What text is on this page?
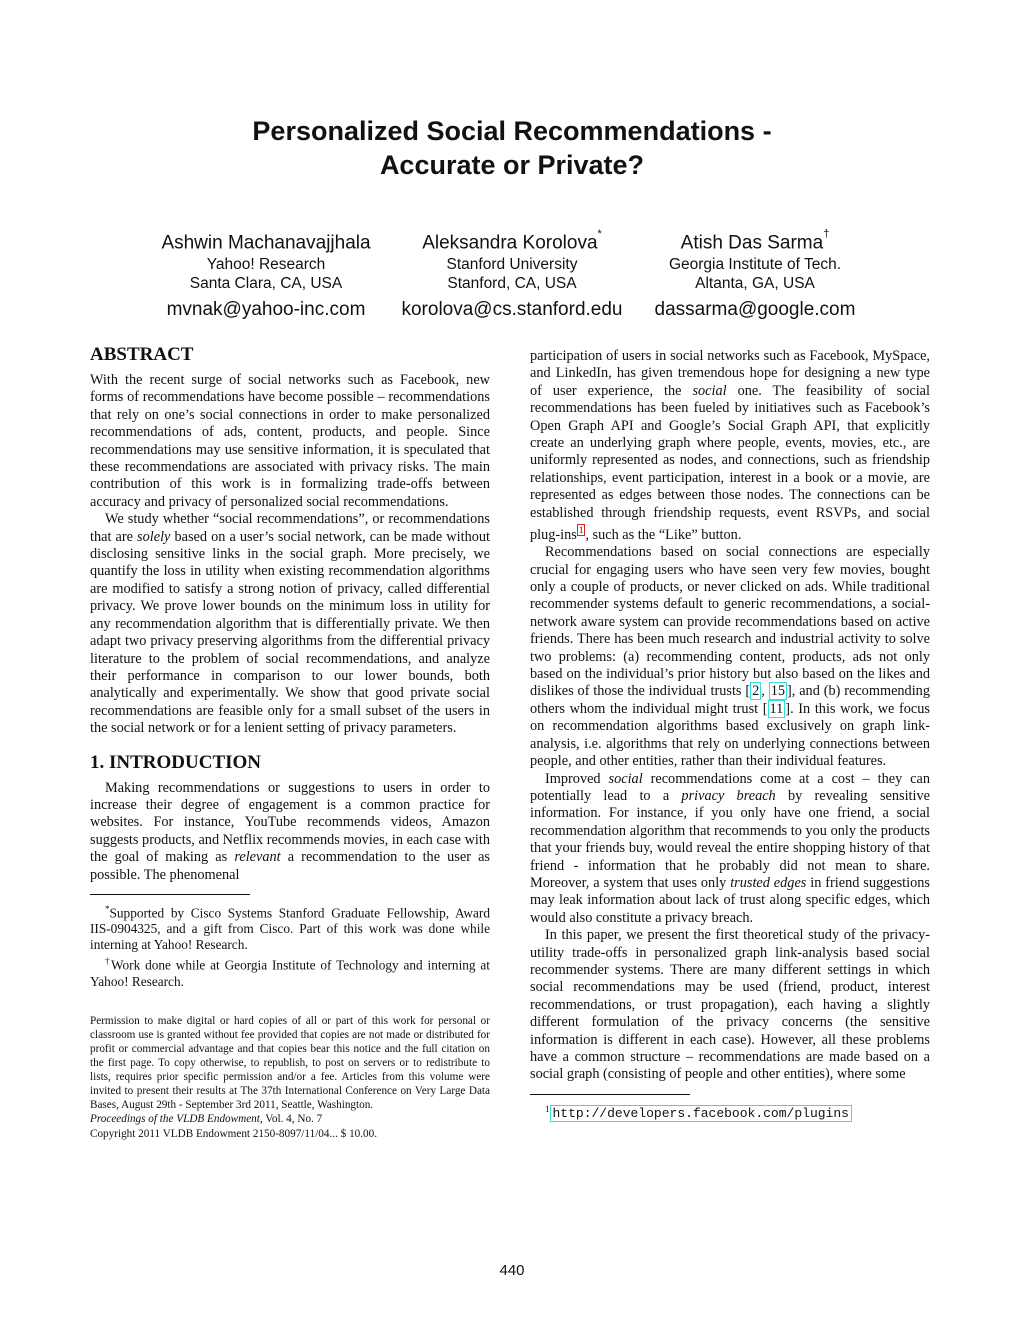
Personalized Social Recommendations -
Accurate or Private?
Ashwin Machanavajjhala
Yahoo! Research
Santa Clara, CA, USA
mvnak@yahoo-inc.com
Aleksandra Korolova*
Stanford University
Stanford, CA, USA
korolova@cs.stanford.edu
Atish Das Sarma†
Georgia Institute of Tech.
Altanta, GA, USA
dassarma@google.com
ABSTRACT

With the recent surge of social networks such as Facebook, new forms of recommendations have become possible – recommendations that rely on one’s social connections in order to make personalized recommendations of ads, content, products, and people. Since recommendations may use sensitive information, it is speculated that these recommendations are associated with privacy risks. The main contribution of this work is in formalizing trade-offs between accuracy and privacy of personalized social recommendations.

We study whether “social recommendations”, or recommendations that are solely based on a user’s social network, can be made without disclosing sensitive links in the social graph. More precisely, we quantify the loss in utility when existing recommendation algorithms are modified to satisfy a strong notion of privacy, called differential privacy. We prove lower bounds on the minimum loss in utility for any recommendation algorithm that is differentially private. We then adapt two privacy preserving algorithms from the differential privacy literature to the problem of social recommendations, and analyze their performance in comparison to our lower bounds, both analytically and experimentally. We show that good private social recommendations are feasible only for a small subset of the users in the social network or for a lenient setting of privacy parameters.

1. INTRODUCTION

Making recommendations or suggestions to users in order to increase their degree of engagement is a common practice for websites. For instance, YouTube recommends videos, Amazon suggests products, and Netflix recommends movies, in each case with the goal of making as relevant a recommendation to the user as possible. The phenomenal

*Supported by Cisco Systems Stanford Graduate Fellowship, Award IIS-0904325, and a gift from Cisco. Part of this work was done while interning at Yahoo! Research.

†Work done while at Georgia Institute of Technology and interning at Yahoo! Research.

Permission to make digital or hard copies of all or part of this work for personal or classroom use is granted without fee provided that copies are not made or distributed for profit or commercial advantage and that copies bear this notice and the full citation on the first page. To copy otherwise, to republish, to post on servers or to redistribute to lists, requires prior specific permission and/or a fee. Articles from this volume were invited to present their results at The 37th International Conference on Very Large Data Bases, August 29th - September 3rd 2011, Seattle, Washington.
Proceedings of the VLDB Endowment, Vol. 4, No. 7
Copyright 2011 VLDB Endowment 2150-8097/11/04... $ 10.00.

participation of users in social networks such as Facebook, MySpace, and LinkedIn, has given tremendous hope for designing a new type of user experience, the social one. The feasibility of social recommendations has been fueled by initiatives such as Facebook’s Open Graph API and Google’s Social Graph API, that explicitly create an underlying graph where people, events, movies, etc., are uniformly represented as nodes, and connections, such as friendship relationships, event participation, interest in a book or a movie, are represented as edges between those nodes. The connections can be established through friendship requests, event RSVPs, and social plug-ins $^1$ , such as the “Like” button.

Recommendations based on social connections are especially crucial for engaging users who have seen very few movies, bought only a couple of products, or never clicked on ads. While traditional recommender systems default to generic recommendations, a social-network aware system can provide recommendations based on active friends. There has been much research and industrial activity to solve two problems: (a) recommending content, products, ads not only based on the individual’s prior history but also based on the likes and dislikes of those the individual trusts [ 2 , 15 ], and (b) recommending others whom the individual might trust [ 11 ]. In this work, we focus on recommendation algorithms based exclusively on graph link-analysis, i.e. algorithms that rely on underlying connections between people, and other entities, rather than their individual features.

Improved social recommendations come at a cost – they can potentially lead to a privacy breach by revealing sensitive information. For instance, if you only have one friend, a social recommendation algorithm that recommends to you only the products that your friends buy, would reveal the entire shopping history of that friend - information that he probably did not mean to share. Moreover, a system that uses only trusted edges in friend suggestions may leak information about lack of trust along specific edges, which would also constitute a privacy breach.

In this paper, we present the first theoretical study of the privacy-utility trade-offs in personalized graph link-analysis based social recommender systems. There are many different settings in which social recommendations may be used (friend, product, interest recommendations, or trust propagation), each having a slightly different formulation of the privacy concerns (the sensitive information is different in each case). However, all these problems have a common structure – recommendations are made based on a social graph (consisting of people and other entities), where some

$^1$ http://developers.facebook.com/plugins

440
